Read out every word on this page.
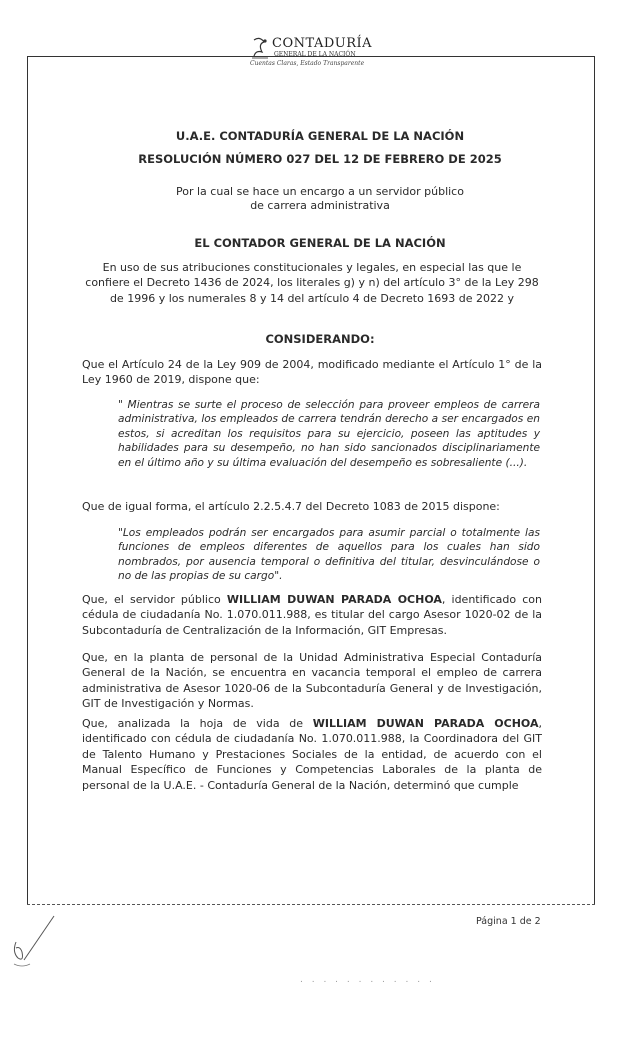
CONTADURÍA
GENERAL DE LA NACIÓN
Cuentas Claras, Estado Transparente
U.A.E. CONTADURÍA GENERAL DE LA NACIÓN
RESOLUCIÓN NÚMERO 027 DEL 12 DE FEBRERO DE 2025
Por la cual se hace un encargo a un servidor público
de carrera administrativa
EL CONTADOR GENERAL DE LA NACIÓN
En uso de sus atribuciones constitucionales y legales, en especial las que le confiere el Decreto 1436 de 2024, los literales g) y n) del artículo 3° de la Ley 298 de 1996 y los numerales 8 y 14 del artículo 4 de Decreto 1693 de 2022 y
CONSIDERANDO:
Que el Artículo 24 de la Ley 909 de 2004, modificado mediante el Artículo 1° de la Ley 1960 de 2019, dispone que:
" Mientras se surte el proceso de selección para proveer empleos de carrera administrativa, los empleados de carrera tendrán derecho a ser encargados en estos, si acreditan los requisitos para su ejercicio, poseen las aptitudes y habilidades para su desempeño, no han sido sancionados disciplinariamente en el último año y su última evaluación del desempeño es sobresaliente (...).
Que de igual forma, el artículo 2.2.5.4.7 del Decreto 1083 de 2015 dispone:
"Los empleados podrán ser encargados para asumir parcial o totalmente las funciones de empleos diferentes de aquellos para los cuales han sido nombrados, por ausencia temporal o definitiva del titular, desvinculándose o no de las propias de su cargo".
Que, el servidor público WILLIAM DUWAN PARADA OCHOA, identificado con cédula de ciudadanía No. 1.070.011.988, es titular del cargo Asesor 1020-02 de la Subcontaduría de Centralización de la Información, GIT Empresas.
Que, en la planta de personal de la Unidad Administrativa Especial Contaduría General de la Nación, se encuentra en vacancia temporal el empleo de carrera administrativa de Asesor 1020-06 de la Subcontaduría General y de Investigación, GIT de Investigación y Normas.
Que, analizada la hoja de vida de WILLIAM DUWAN PARADA OCHOA, identificado con cédula de ciudadanía No. 1.070.011.988, la Coordinadora del GIT de Talento Humano y Prestaciones Sociales de la entidad, de acuerdo con el Manual Específico de Funciones y Competencias Laborales de la planta de personal de la U.A.E. - Contaduría General de la Nación, determinó que cumple
Página 1 de 2
. . . . . . . . . . . .
